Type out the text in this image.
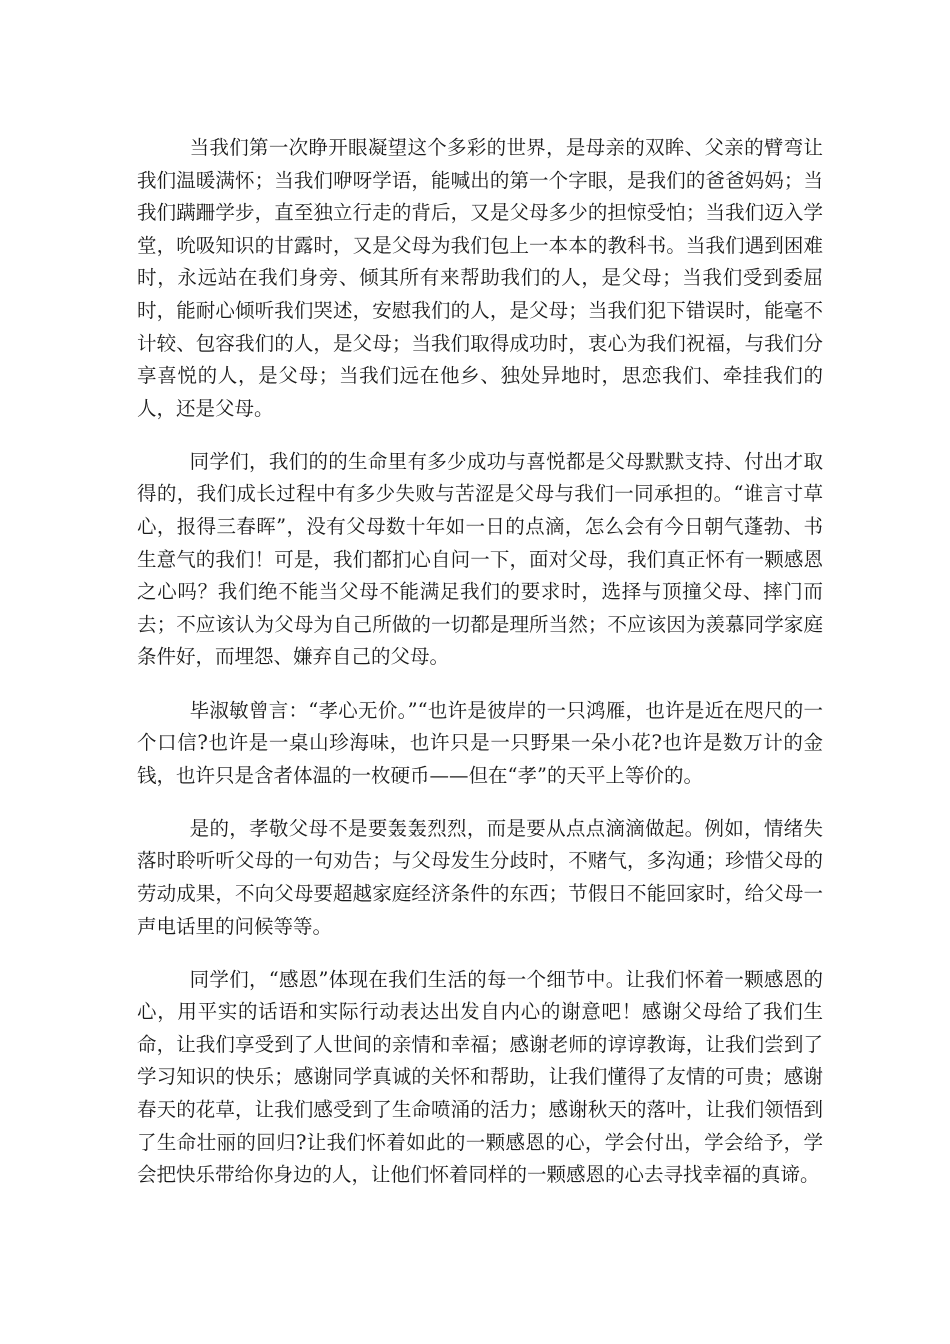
当我们第一次睁开眼凝望这个多彩的世界，是母亲的双眸、父亲的臂弯让我们温暖满怀；当我们咿呀学语，能喊出的第一个字眼，是我们的爸爸妈妈；当我们蹒跚学步，直至独立行走的背后，又是父母多少的担惊受怕；当我们迈入学堂，吮吸知识的甘露时，又是父母为我们包上一本本的教科书。当我们遇到困难时，永远站在我们身旁、倾其所有来帮助我们的人，是父母；当我们受到委屈时，能耐心倾听我们哭述，安慰我们的人，是父母；当我们犯下错误时，能毫不计较、包容我们的人，是父母；当我们取得成功时，衷心为我们祝福，与我们分享喜悦的人，是父母；当我们远在他乡、独处异地时，思恋我们、牵挂我们的人，还是父母。

同学们，我们的的生命里有多少成功与喜悦都是父母默默支持、付出才取得的，我们成长过程中有多少失败与苦涩是父母与我们一同承担的。“谁言寸草心，报得三春晖”，没有父母数十年如一日的点滴，怎么会有今日朝气蓬勃、书生意气的我们！可是，我们都扪心自问一下，面对父母，我们真正怀有一颗感恩之心吗？我们绝不能当父母不能满足我们的要求时，选择与顶撞父母、摔门而去；不应该认为父母为自己所做的一切都是理所当然；不应该因为羡慕同学家庭条件好，而埋怨、嫌弃自己的父母。

毕淑敏曾言：“孝心无价。”“也许是彼岸的一只鸿雁，也许是近在咫尺的一个口信?也许是一桌山珍海味，也许只是一只野果一朵小花?也许是数万计的金钱，也许只是含者体温的一枚硬币——但在“孝”的天平上等价的。

是的，孝敬父母不是要轰轰烈烈，而是要从点点滴滴做起。例如，情绪失落时聆听听父母的一句劝告；与父母发生分歧时，不赌气，多沟通；珍惜父母的劳动成果，不向父母要超越家庭经济条件的东西；节假日不能回家时，给父母一声电话里的问候等等。

同学们，“感恩”体现在我们生活的每一个细节中。让我们怀着一颗感恩的心，用平实的话语和实际行动表达出发自内心的谢意吧！感谢父母给了我们生命，让我们享受到了人世间的亲情和幸福；感谢老师的谆谆教诲，让我们尝到了学习知识的快乐；感谢同学真诚的关怀和帮助，让我们懂得了友情的可贵；感谢春天的花草，让我们感受到了生命喷涌的活力；感谢秋天的落叶，让我们领悟到了生命壮丽的回归?让我们怀着如此的一颗感恩的心，学会付出，学会给予，学会把快乐带给你身边的人，让他们怀着同样的一颗感恩的心去寻找幸福的真谛。
